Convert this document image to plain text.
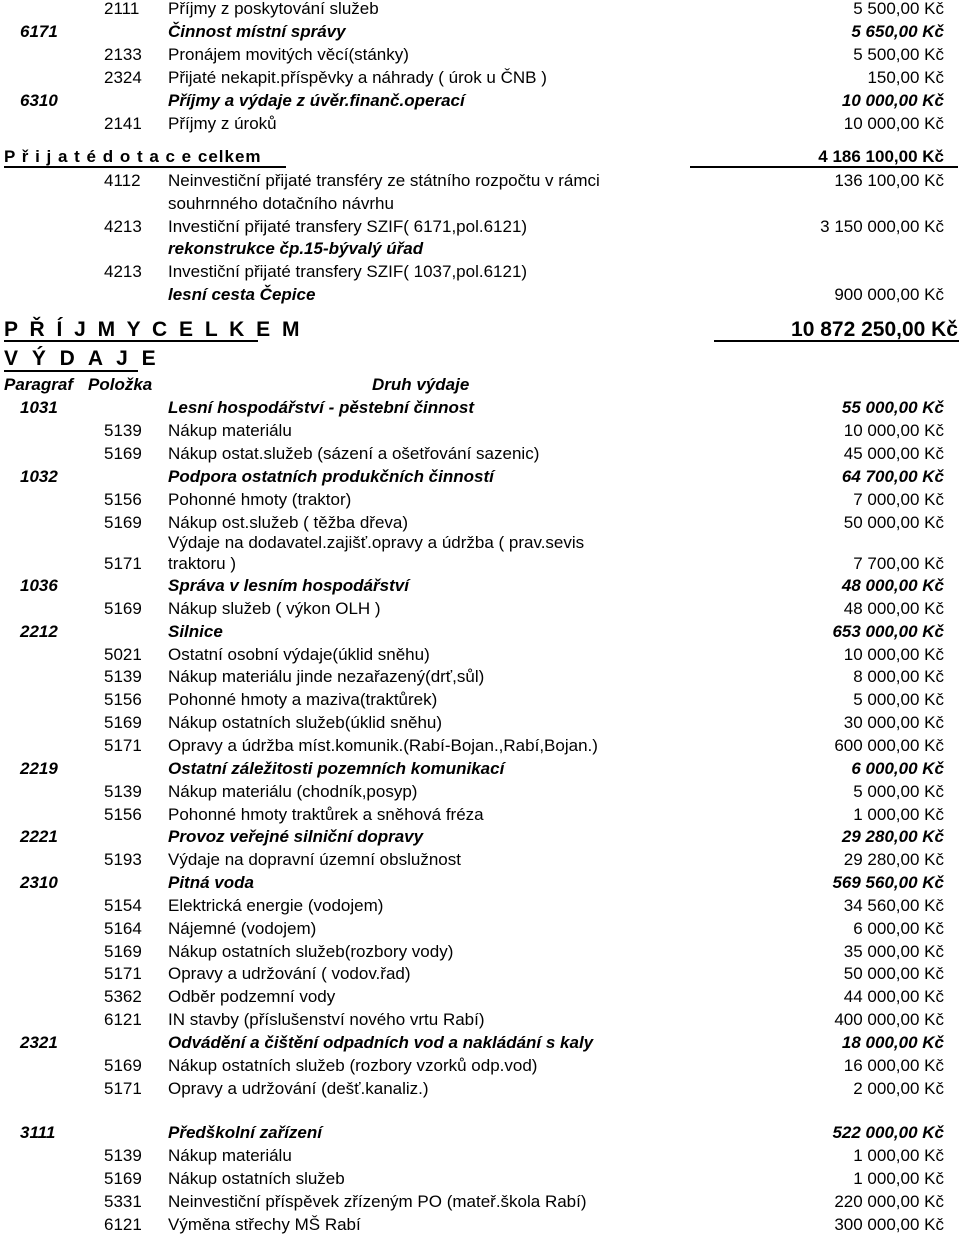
2111 Příjmy z poskytování služeb	5 500,00 Kč
6171	Činnost místní správy	5 650,00 Kč
2133 Pronájem movitých věcí(stánky)	5 500,00 Kč
2324 Přijaté nekapit.příspěvky a náhrady ( úrok u ČNB )	150,00 Kč
6310	Příjmy a výdaje z úvěr.finanč.operací	10 000,00 Kč
2141 Příjmy z úroků	10 000,00 Kč
P ř i j a t é d o t a c e celkem	4 186 100,00 Kč
4112 Neinvestiční přijaté transféry ze státního rozpočtu v rámci	136 100,00 Kč
souhrnného dotačního návrhu
4213 Investiční přijaté transfery SZIF( 6171,pol.6121)	3 150 000,00 Kč
rekonstrukce čp.15-bývalý úřad
4213 Investiční přijaté transfery SZIF( 1037,pol.6121)
lesní cesta Čepice	900 000,00 Kč
P Ř Í J M Y C E L K E M	10 872 250,00 Kč
V Ý D A J E
Paragraf Položka	Druh výdaje
1031	Lesní hospodářství - pěstební činnost	55 000,00 Kč
5139 Nákup materiálu	10 000,00 Kč
5169 Nákup ostat.služeb (sázení a ošetřování sazenic)	45 000,00 Kč
1032	Podpora ostatních produkčních činností	64 700,00 Kč
5156 Pohonné hmoty (traktor)	7 000,00 Kč
5169 Nákup ost.služeb ( těžba dřeva)	50 000,00 Kč
Výdaje na dodavatel.zajišť.opravy a údržba ( prav.sevis
5171 traktoru )	7 700,00 Kč
1036	Správa v lesním hospodářství	48 000,00 Kč
5169 Nákup služeb ( výkon OLH )	48 000,00 Kč
2212	Silnice	653 000,00 Kč
5021 Ostatní osobní výdaje(úklid sněhu)	10 000,00 Kč
5139 Nákup materiálu jinde nezařazený(drť,sůl)	8 000,00 Kč
5156 Pohonné hmoty a maziva(traktůrek)	5 000,00 Kč
5169 Nákup ostatních služeb(úklid sněhu)	30 000,00 Kč
5171 Opravy a údržba míst.komunik.(Rabí-Bojan.,Rabí,Bojan.)	600 000,00 Kč
2219	Ostatní záležitosti pozemních komunikací	6 000,00 Kč
5139 Nákup materiálu (chodník,posyp)	5 000,00 Kč
5156 Pohonné hmoty traktůrek a sněhová fréza	1 000,00 Kč
2221	Provoz veřejné silniční dopravy	29 280,00 Kč
5193 Výdaje na dopravní územní obslužnost	29 280,00 Kč
2310	Pitná voda	569 560,00 Kč
5154 Elektrická energie (vodojem)	34 560,00 Kč
5164 Nájemné (vodojem)	6 000,00 Kč
5169 Nákup ostatních služeb(rozbory vody)	35 000,00 Kč
5171 Opravy a udržování ( vodov.řad)	50 000,00 Kč
5362 Odběr podzemní vody	44 000,00 Kč
6121 IN stavby (příslušenství nového vrtu Rabí)	400 000,00 Kč
2321	Odvádění a čištění odpadních vod a nakládání s kaly	18 000,00 Kč
5169 Nákup ostatních služeb (rozbory vzorků odp.vod)	16 000,00 Kč
5171 Opravy a udržování (dešť.kanaliz.)	2 000,00 Kč
3111	Předškolní zařízení	522 000,00 Kč
5139 Nákup materiálu	1 000,00 Kč
5169 Nákup ostatních služeb	1 000,00 Kč
5331 Neinvestiční příspěvek zřízeným PO (mateř.škola Rabí)	220 000,00 Kč
6121 Výměna střechy MŠ Rabí	300 000,00 Kč
